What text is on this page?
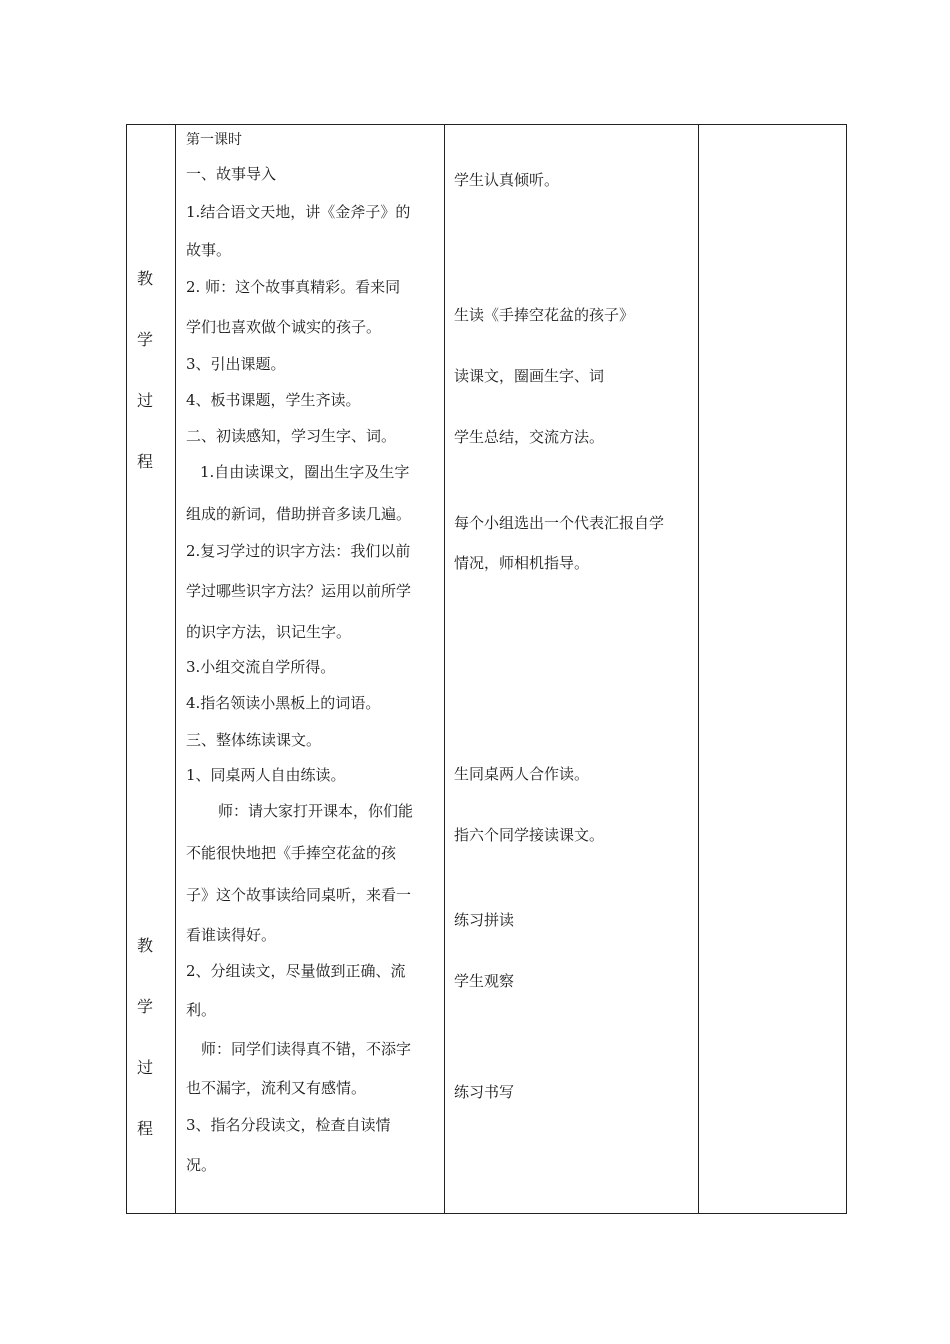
教
学
过
程
教
学
过
程
第一课时
一、故事导入
1.结合语文天地，讲《金斧子》的
故事。
2. 师：这个故事真精彩。看来同
学们也喜欢做个诚实的孩子。
3、引出课题。
4、板书课题，学生齐读。
二、初读感知，学习生字、词。
1.自由读课文，圈出生字及生字
组成的新词，借助拼音多读几遍。
2.复习学过的识字方法：我们以前
学过哪些识字方法？运用以前所学
的识字方法，识记生字。
3.小组交流自学所得。
4.指名领读小黑板上的词语。
三、整体练读课文。
1、同桌两人自由练读。
师：请大家打开课本，你们能
不能很快地把《手捧空花盆的孩
子》这个故事读给同桌听，来看一
看谁读得好。
2、分组读文，尽量做到正确、流
利。
师：同学们读得真不错，不添字
也不漏字，流利又有感情。
3、指名分段读文，检查自读情
况。
学生认真倾听。
生读《手捧空花盆的孩子》
读课文，圈画生字、词
学生总结，交流方法。
每个小组选出一个代表汇报自学
情况，师相机指导。
生同桌两人合作读。
指六个同学接读课文。
练习拼读
学生观察
练习书写
